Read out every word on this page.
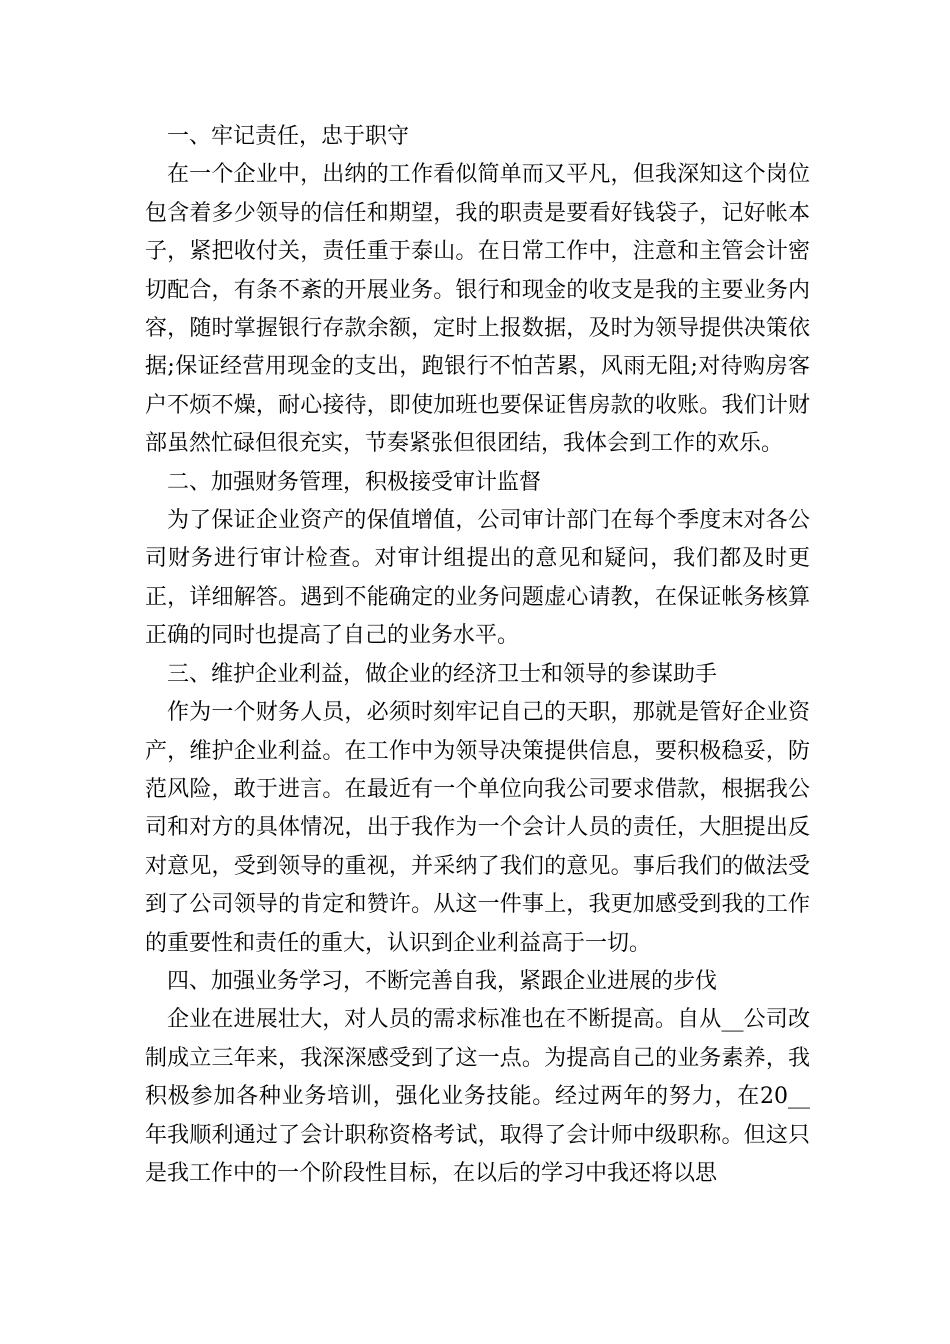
一、牢记责任，忠于职守

在一个企业中，出纳的工作看似简单而又平凡，但我深知这个岗位包含着多少领导的信任和期望，我的职责是要看好钱袋子，记好帐本子，紧把收付关，责任重于泰山。在日常工作中，注意和主管会计密切配合，有条不紊的开展业务。银行和现金的收支是我的主要业务内容，随时掌握银行存款余额，定时上报数据，及时为领导提供决策依据;保证经营用现金的支出，跑银行不怕苦累，风雨无阻;对待购房客户不烦不燥，耐心接待，即使加班也要保证售房款的收账。我们计财部虽然忙碌但很充实，节奏紧张但很团结，我体会到工作的欢乐。

二、加强财务管理，积极接受审计监督

为了保证企业资产的保值增值，公司审计部门在每个季度末对各公司财务进行审计检查。对审计组提出的意见和疑问，我们都及时更正，详细解答。遇到不能确定的业务问题虚心请教，在保证帐务核算正确的同时也提高了自己的业务水平。

三、维护企业利益，做企业的经济卫士和领导的参谋助手

作为一个财务人员，必须时刻牢记自己的天职，那就是管好企业资产，维护企业利益。在工作中为领导决策提供信息，要积极稳妥，防范风险，敢于进言。在最近有一个单位向我公司要求借款，根据我公司和对方的具体情况，出于我作为一个会计人员的责任，大胆提出反对意见，受到领导的重视，并采纳了我们的意见。事后我们的做法受到了公司领导的肯定和赞许。从这一件事上，我更加感受到我的工作的重要性和责任的重大，认识到企业利益高于一切。

四、加强业务学习，不断完善自我，紧跟企业进展的步伐

企业在进展壮大，对人员的需求标准也在不断提高。自从__公司改制成立三年来，我深深感受到了这一点。为提高自己的业务素养，我积极参加各种业务培训，强化业务技能。经过两年的努力，在20__年我顺利通过了会计职称资格考试，取得了会计师中级职称。但这只是我工作中的一个阶段性目标，在以后的学习中我还将以思
